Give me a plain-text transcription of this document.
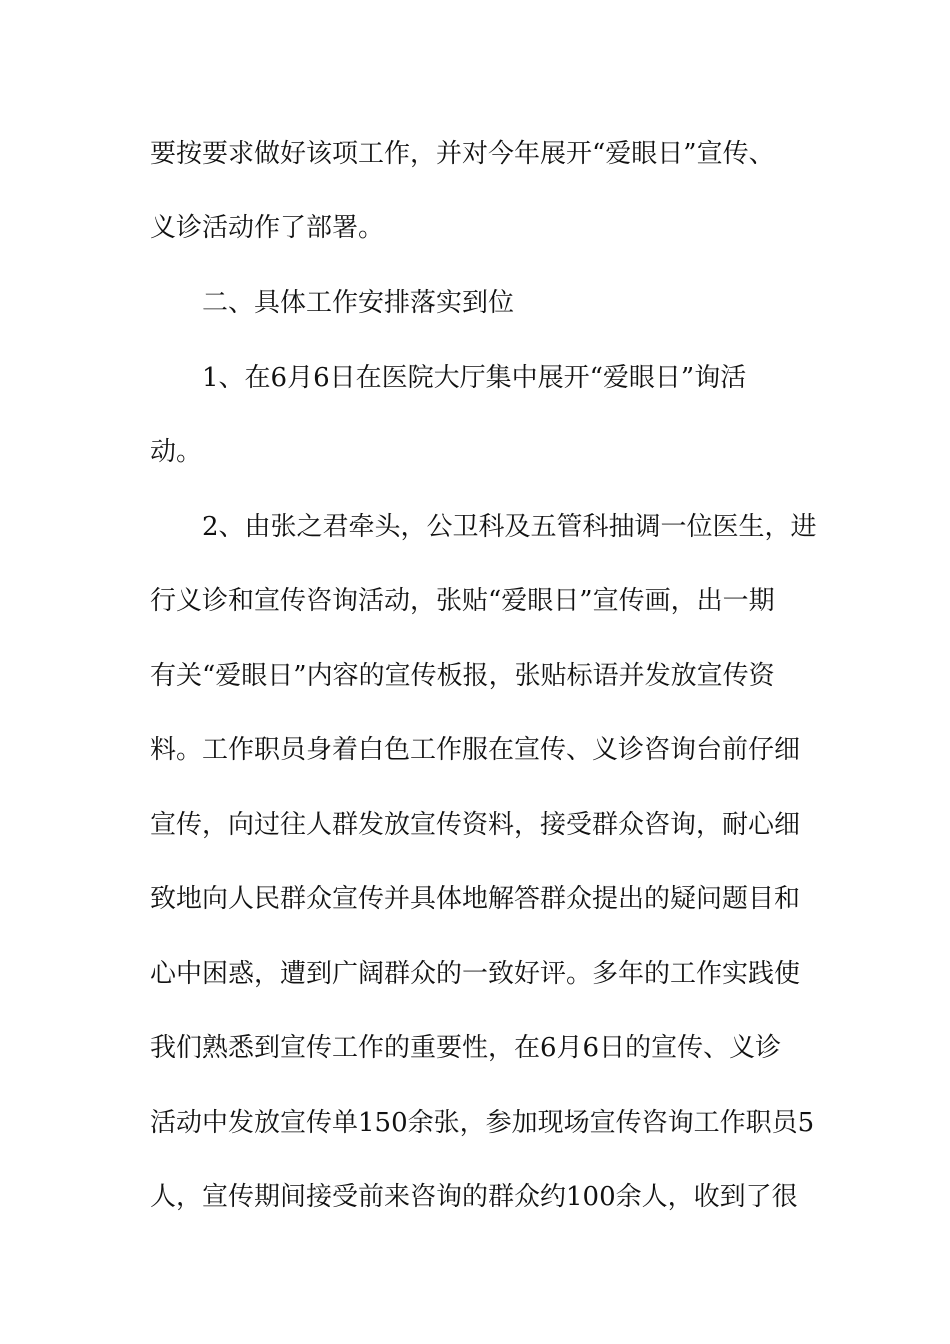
要按要求做好该项工作，并对今年展开“爱眼日”宣传、
义诊活动作了部署。
二、具体工作安排落实到位
1、在6月6日在医院大厅集中展开“爱眼日”询活
动。
2、由张之君牵头，公卫科及五管科抽调一位医生，进
行义诊和宣传咨询活动，张贴“爱眼日”宣传画，出一期
有关“爱眼日”内容的宣传板报，张贴标语并发放宣传资
料。工作职员身着白色工作服在宣传、义诊咨询台前仔细
宣传，向过往人群发放宣传资料，接受群众咨询，耐心细
致地向人民群众宣传并具体地解答群众提出的疑问题目和
心中困惑，遭到广阔群众的一致好评。多年的工作实践使
我们熟悉到宣传工作的重要性，在6月6日的宣传、义诊
活动中发放宣传单150余张，参加现场宣传咨询工作职员5
人，宣传期间接受前来咨询的群众约100余人，收到了很
